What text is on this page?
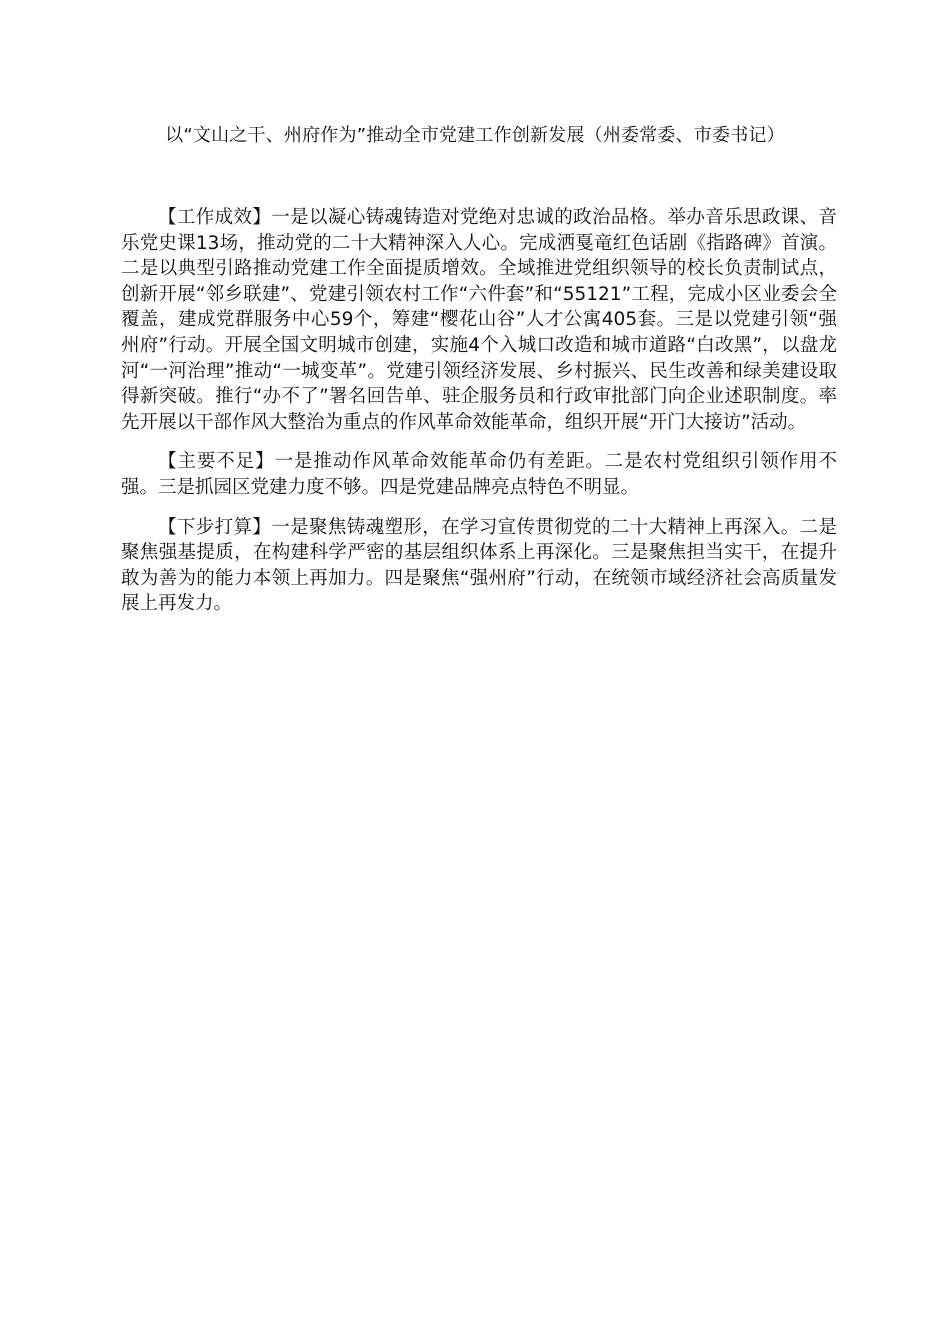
以“文山之干、州府作为”推动全市党建工作创新发展（州委常委、市委书记）

【工作成效】一是以凝心铸魂铸造对党绝对忠诚的政治品格。举办音乐思政课、音乐党史课13场，推动党的二十大精神深入人心。完成洒戛竜红色话剧《指路碑》首演。二是以典型引路推动党建工作全面提质增效。全域推进党组织领导的校长负责制试点，创新开展“邻乡联建”、党建引领农村工作“六件套”和“55121”工程，完成小区业委会全覆盖，建成党群服务中心59个，筹建“樱花山谷”人才公寓405套。三是以党建引领“强州府”行动。开展全国文明城市创建，实施4个入城口改造和城市道路“白改黑”，以盘龙河“一河治理”推动“一城变革”。党建引领经济发展、乡村振兴、民生改善和绿美建设取得新突破。推行“办不了”署名回告单、驻企服务员和行政审批部门向企业述职制度。率先开展以干部作风大整治为重点的作风革命效能革命，组织开展“开门大接访”活动。

【主要不足】一是推动作风革命效能革命仍有差距。二是农村党组织引领作用不强。三是抓园区党建力度不够。四是党建品牌亮点特色不明显。

【下步打算】一是聚焦铸魂塑形，在学习宣传贯彻党的二十大精神上再深入。二是聚焦强基提质，在构建科学严密的基层组织体系上再深化。三是聚焦担当实干，在提升敢为善为的能力本领上再加力。四是聚焦“强州府”行动，在统领市域经济社会高质量发展上再发力。
